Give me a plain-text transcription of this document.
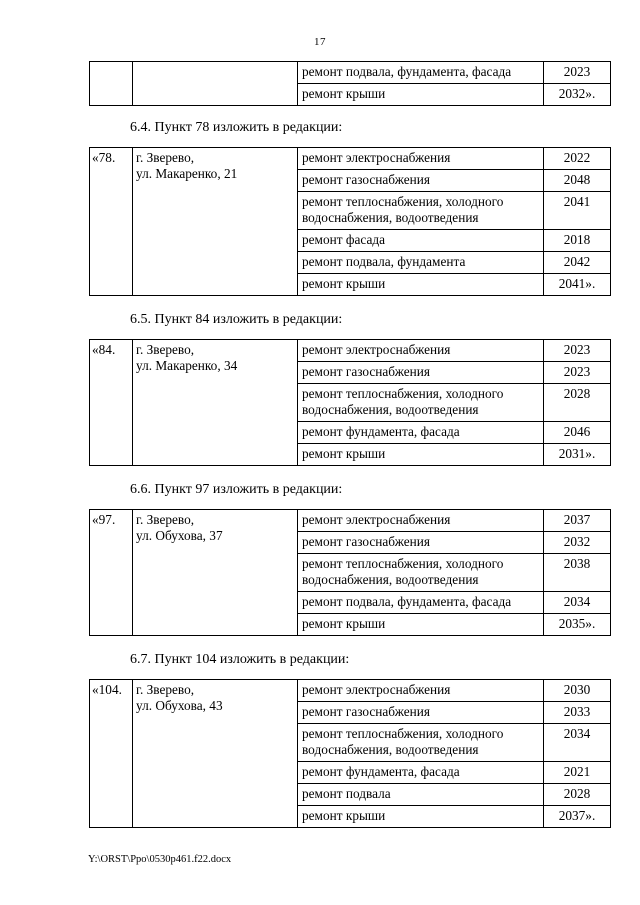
17
		ремонт подвала, фундамента, фасада	2023
		ремонт крыши	2032».
6.4. Пункт 78 изложить в редакции:
«78.	г. Зверево,
ул. Макаренко, 21	ремонт электроснабжения	2022
		ремонт газоснабжения	2048
		ремонт теплоснабжения, холодного водоснабжения, водоотведения	2041
		ремонт фасада	2018
		ремонт подвала, фундамента	2042
		ремонт крыши	2041».
6.5. Пункт 84 изложить в редакции:
«84.	г. Зверево,
ул. Макаренко, 34	ремонт электроснабжения	2023
		ремонт газоснабжения	2023
		ремонт теплоснабжения, холодного водоснабжения, водоотведения	2028
		ремонт фундамента, фасада	2046
		ремонт крыши	2031».
6.6. Пункт 97 изложить в редакции:
«97.	г. Зверево,
ул. Обухова, 37	ремонт электроснабжения	2037
		ремонт газоснабжения	2032
		ремонт теплоснабжения, холодного водоснабжения, водоотведения	2038
		ремонт подвала, фундамента, фасада	2034
		ремонт крыши	2035».
6.7. Пункт 104 изложить в редакции:
«104.	г. Зверево,
ул. Обухова, 43	ремонт электроснабжения	2030
		ремонт газоснабжения	2033
		ремонт теплоснабжения, холодного водоснабжения, водоотведения	2034
		ремонт фундамента, фасада	2021
		ремонт подвала	2028
		ремонт крыши	2037».
Y:\ORST\Ppo\0530p461.f22.docx
